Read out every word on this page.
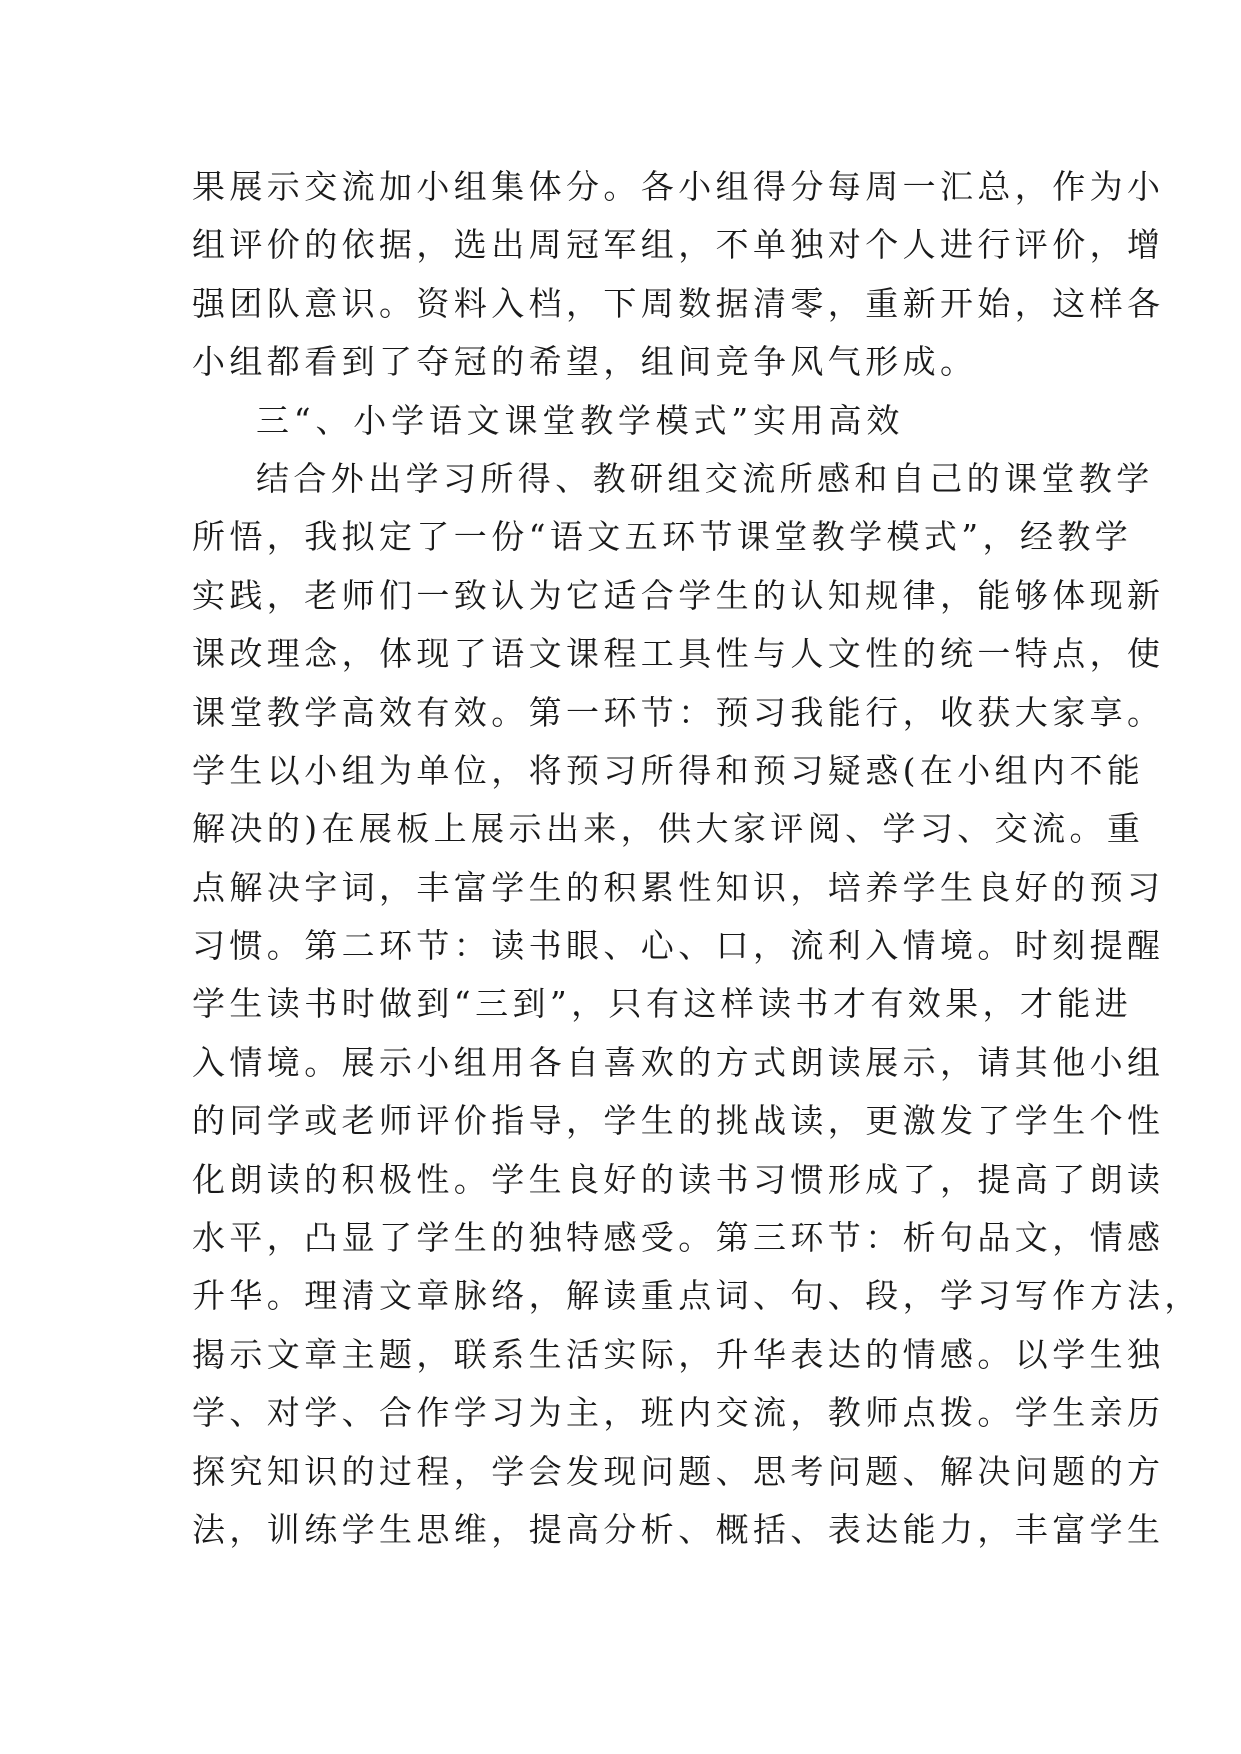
果展示交流加小组集体分。各小组得分每周一汇总，作为小
组评价的依据，选出周冠军组，不单独对个人进行评价，增
强团队意识。资料入档，下周数据清零，重新开始，这样各
小组都看到了夺冠的希望，组间竞争风气形成。
三“、小学语文课堂教学模式”实用高效
结合外出学习所得、教研组交流所感和自己的课堂教学
所悟，我拟定了一份“语文五环节课堂教学模式”，经教学
实践，老师们一致认为它适合学生的认知规律，能够体现新
课改理念，体现了语文课程工具性与人文性的统一特点，使
课堂教学高效有效。第一环节：预习我能行，收获大家享。
学生以小组为单位，将预习所得和预习疑惑(在小组内不能
解决的)在展板上展示出来，供大家评阅、学习、交流。重
点解决字词，丰富学生的积累性知识，培养学生良好的预习
习惯。第二环节：读书眼、心、口，流利入情境。时刻提醒
学生读书时做到“三到”，只有这样读书才有效果，才能进
入情境。展示小组用各自喜欢的方式朗读展示，请其他小组
的同学或老师评价指导，学生的挑战读，更激发了学生个性
化朗读的积极性。学生良好的读书习惯形成了，提高了朗读
水平，凸显了学生的独特感受。第三环节：析句品文，情感
升华。理清文章脉络，解读重点词、句、段，学习写作方法，
揭示文章主题，联系生活实际，升华表达的情感。以学生独
学、对学、合作学习为主，班内交流，教师点拨。学生亲历
探究知识的过程，学会发现问题、思考问题、解决问题的方
法，训练学生思维，提高分析、概括、表达能力，丰富学生
